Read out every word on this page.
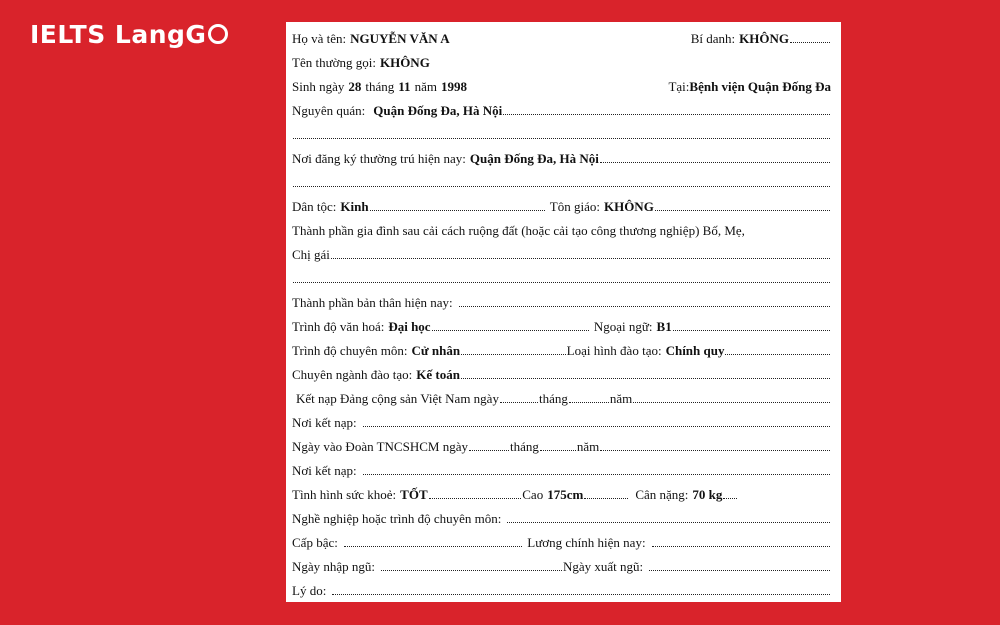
IELTS LangG	Họ và tên: NGUYỄN VĂN A	Bí danh: KHÔNG
Tên thường gọi: KHÔNG
Sinh ngày 28 tháng 11 năm 1998	Tại: Bệnh viện Quận Đống Đa
Nguyên quán: Quận Đống Đa, Hà Nội
Nơi đăng ký thường trú hiện nay: Quận Đống Đa, Hà Nội
Dân tộc: Kinh	Tôn giáo: KHÔNG
Thành phần gia đình sau cải cách ruộng đất (hoặc cải tạo công thương nghiệp) Bố, Mẹ,
Chị gái
Thành phần bản thân hiện nay:
Trình độ văn hoá: Đại học	Ngoại ngữ: B1
Trình độ chuyên môn: Cử nhân	Loại hình đào tạo: Chính quy
Chuyên ngành đào tạo: Kế toán
Kết nạp Đảng cộng sản Việt Nam ngày	tháng	năm
Nơi kết nạp:
Ngày vào Đoàn TNCSHCM ngày	tháng	năm
Nơi kết nạp:
Tình hình sức khoẻ: TỐT	Cao 175cm	Cân nặng: 70 kg
Nghề nghiệp hoặc trình độ chuyên môn:
Cấp bậc:	Lương chính hiện nay:
Ngày nhập ngũ:	Ngày xuất ngũ:
Lý do:
